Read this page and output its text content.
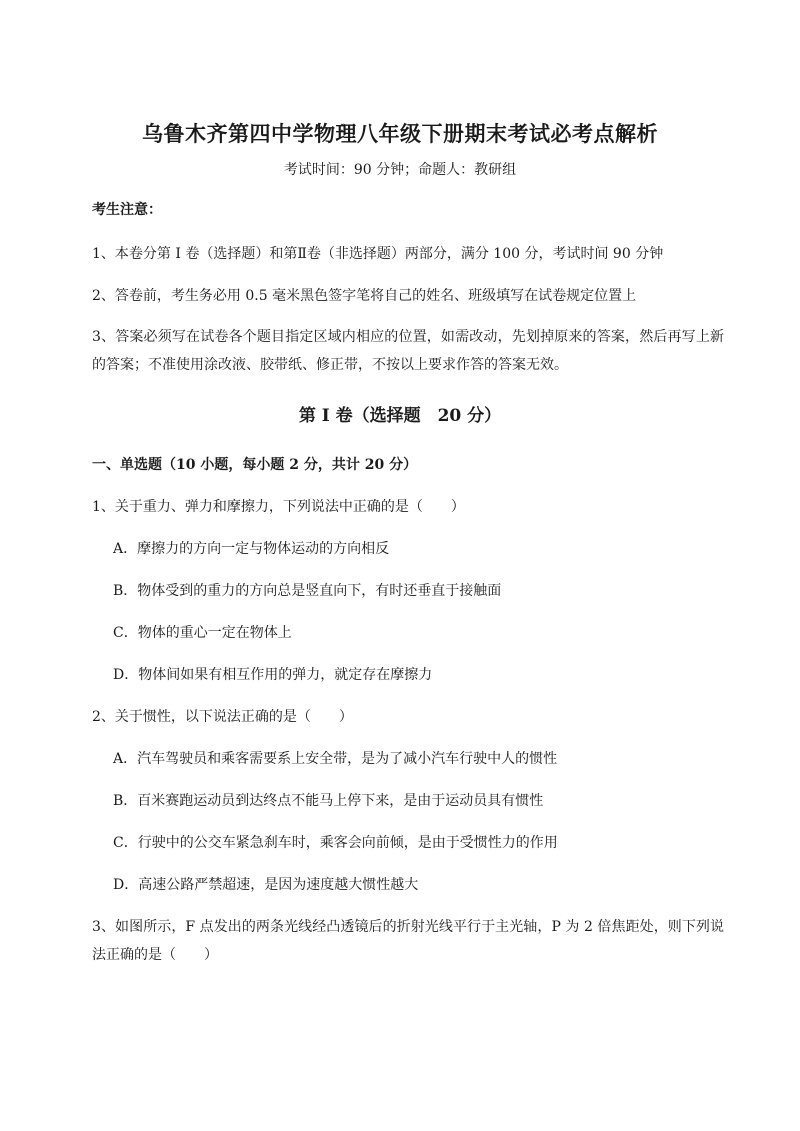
乌鲁木齐第四中学物理八年级下册期末考试必考点解析
考试时间：90 分钟；命题人：教研组
考生注意：
1、本卷分第 I 卷（选择题）和第Ⅱ卷（非选择题）两部分，满分 100 分，考试时间 90 分钟
2、答卷前，考生务必用 0.5 毫米黑色签字笔将自己的姓名、班级填写在试卷规定位置上
3、答案必须写在试卷各个题目指定区域内相应的位置，如需改动，先划掉原来的答案，然后再写上新的答案；不准使用涂改液、胶带纸、修正带，不按以上要求作答的答案无效。
第 I 卷（选择题　20 分）
一、单选题（10 小题，每小题 2 分，共计 20 分）
1、关于重力、弹力和摩擦力，下列说法中正确的是（　　）
A．摩擦力的方向一定与物体运动的方向相反
B．物体受到的重力的方向总是竖直向下，有时还垂直于接触面
C．物体的重心一定在物体上
D．物体间如果有相互作用的弹力，就定存在摩擦力
2、关于惯性，以下说法正确的是（　　）
A．汽车驾驶员和乘客需要系上安全带，是为了减小汽车行驶中人的惯性
B．百米赛跑运动员到达终点不能马上停下来，是由于运动员具有惯性
C．行驶中的公交车紧急刹车时，乘客会向前倾，是由于受惯性力的作用
D．高速公路严禁超速，是因为速度越大惯性越大
3、如图所示，F 点发出的两条光线经凸透镜后的折射光线平行于主光轴，P 为 2 倍焦距处，则下列说法正确的是（　　）
